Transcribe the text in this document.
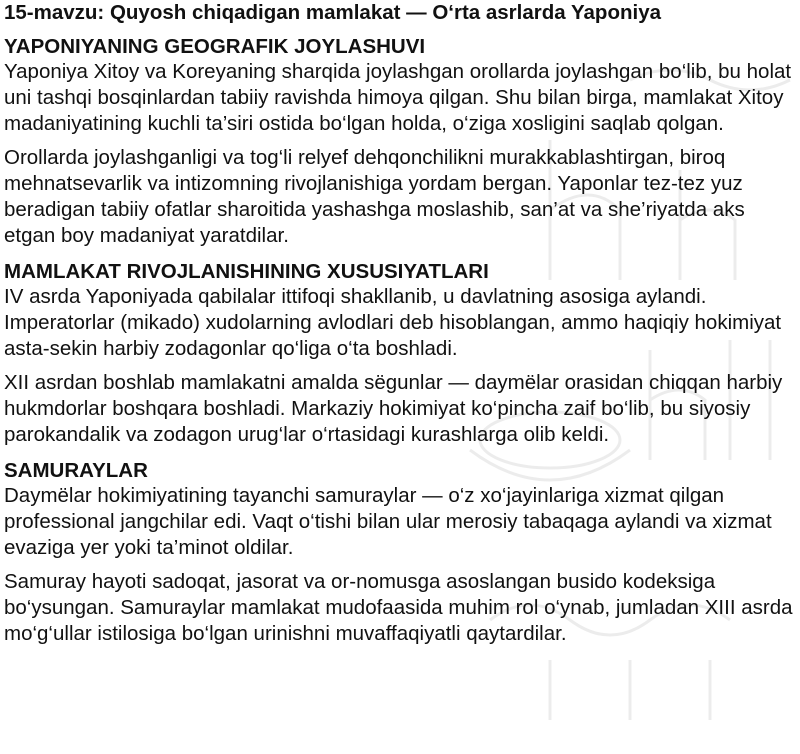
15-mavzu: Quyosh chiqadigan mamlakat — O‘rta asrlarda Yaponiya
YAPONIYANING GEOGRAFIK JOYLASHUVI

Yaponiya Xitoy va Koreyaning sharqida joylashgan orollarda joylashgan bo‘lib, bu holat uni tashqi bosqinlardan tabiiy ravishda himoya qilgan. Shu bilan birga, mamlakat Xitoy madaniyatining kuchli ta’siri ostida bo‘lgan holda, o‘ziga xosligini saqlab qolgan.

Orollarda joylashganligi va tog‘li relyef dehqonchilikni murakkablashtirgan, biroq mehnatsevarlik va intizomning rivojlanishiga yordam bergan. Yaponlar tez-tez yuz beradigan tabiiy ofatlar sharoitida yashashga moslashib, san’at va she’riyatda aks etgan boy madaniyat yaratdilar.

MAMLAKAT RIVOJLANISHINING XUSUSIYATLARI

IV asrda Yaponiyada qabilalar ittifoqi shakllanib, u davlatning asosiga aylandi. Imperatorlar (mikado) xudolarning avlodlari deb hisoblangan, ammo haqiqiy hokimiyat asta-sekin harbiy zodagonlar qo‘liga o‘ta boshladi.

XII asrdan boshlab mamlakatni amalda sëgunlar — daymëlar orasidan chiqqan harbiy hukmdorlar boshqara boshladi. Markaziy hokimiyat ko‘pincha zaif bo‘lib, bu siyosiy parokandalik va zodagon urug‘lar o‘rtasidagi kurashlarga olib keldi.

SAMURAYLAR

Daymëlar hokimiyatining tayanchi samuraylar — o‘z xo‘jayinlariga xizmat qilgan professional jangchilar edi. Vaqt o‘tishi bilan ular merosiy tabaqaga aylandi va xizmat evaziga yer yoki ta’minot oldilar.

Samuray hayoti sadoqat, jasorat va or-nomusga asoslangan busido kodeksiga bo‘ysungan. Samuraylar mamlakat mudofaasida muhim rol o‘ynab, jumladan XIII asrda mo‘g‘ullar istilosiga bo‘lgan urinishni muvaffaqiyatli qaytardilar.
